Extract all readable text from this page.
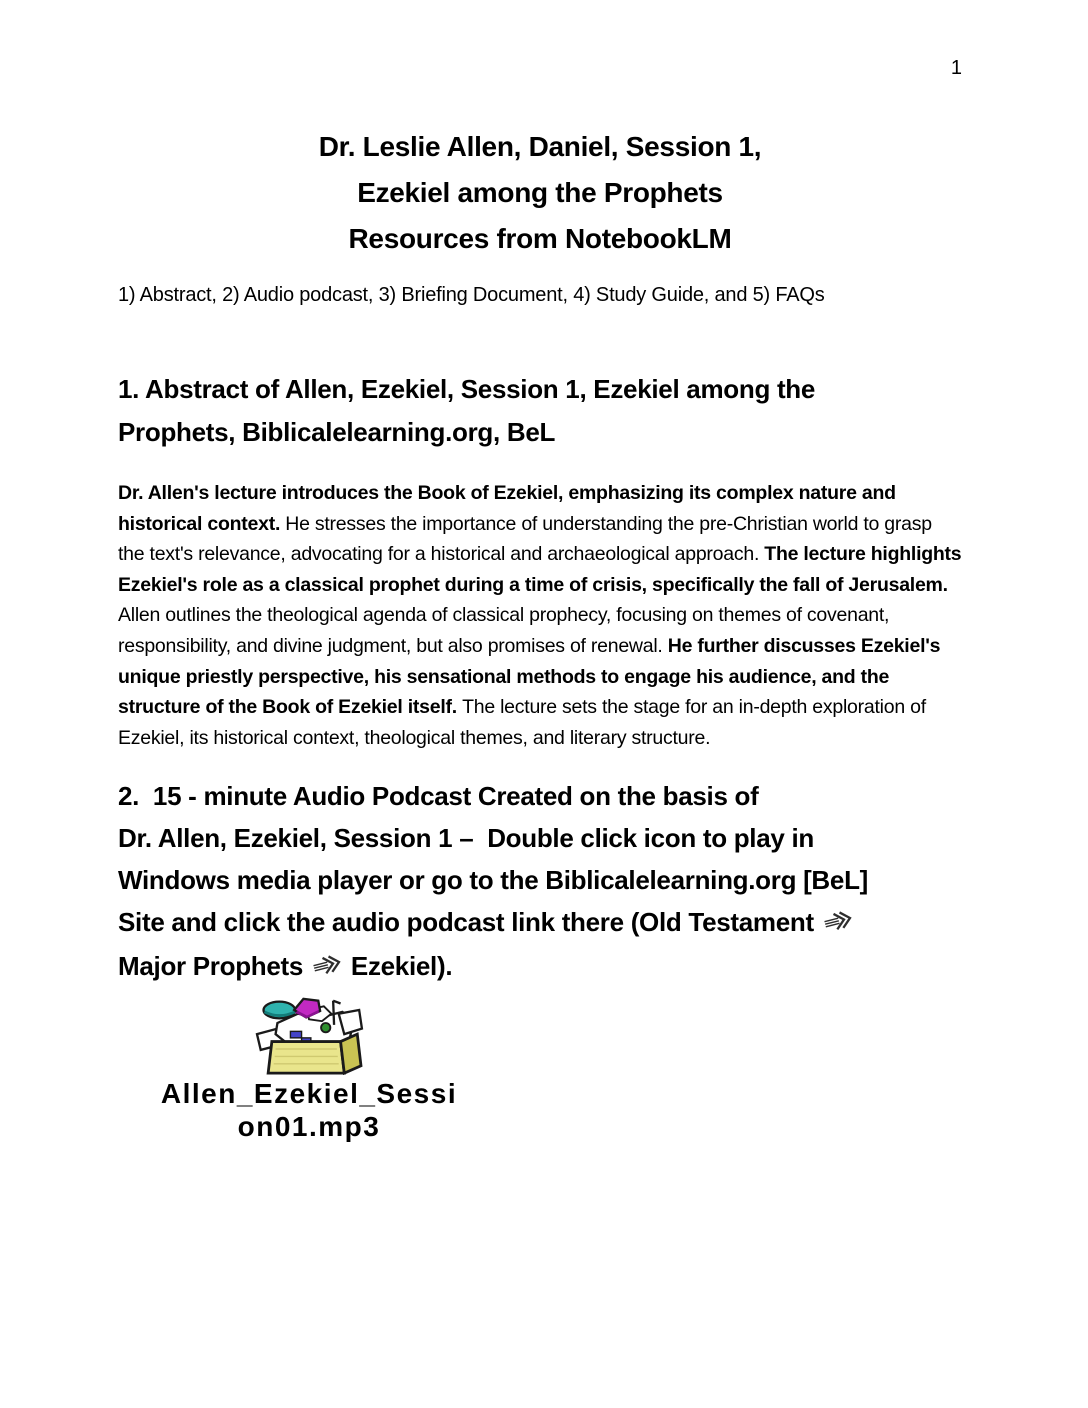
1
Dr. Leslie Allen, Daniel, Session 1,
Ezekiel among the Prophets
Resources from NotebookLM

1) Abstract, 2) Audio podcast, 3) Briefing Document, 4) Study Guide, and 5) FAQs

1. Abstract of Allen, Ezekiel, Session 1, Ezekiel among the
Prophets, Biblicalelearning.org, BeL

Dr. Allen's lecture introduces the Book of Ezekiel, emphasizing its complex nature and historical context. He stresses the importance of understanding the pre-Christian world to grasp the text's relevance, advocating for a historical and archaeological approach. The lecture highlights Ezekiel's role as a classical prophet during a time of crisis, specifically the fall of Jerusalem. Allen outlines the theological agenda of classical prophecy, focusing on themes of covenant, responsibility, and divine judgment, but also promises of renewal. He further discusses Ezekiel's unique priestly perspective, his sensational methods to engage his audience, and the structure of the Book of Ezekiel itself. The lecture sets the stage for an in-depth exploration of Ezekiel, its historical context, theological themes, and literary structure.

2.  15 - minute Audio Podcast Created on the basis of
Dr. Allen, Ezekiel, Session 1 –  Double click icon to play in
Windows media player or go to the Biblicalelearning.org [BeL]
Site and click the audio podcast link there (Old Testament
Major Prophets  Ezekiel).
Allen_Ezekiel_Sessi
on01.mp3
